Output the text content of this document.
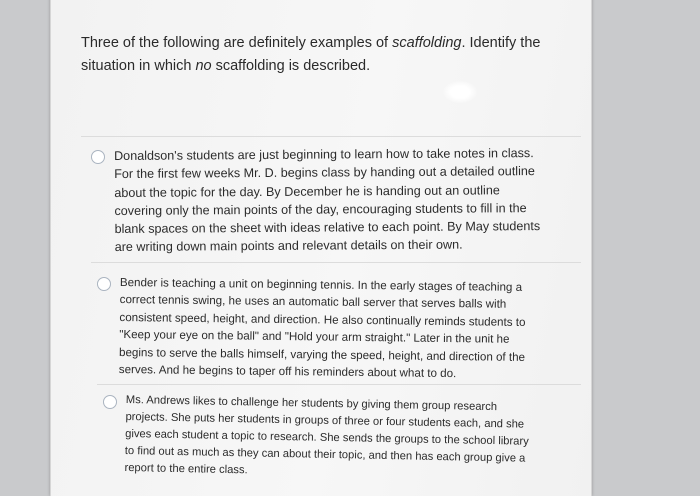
Three of the following are definitely examples of scaffolding. Identify the situation in which no scaffolding is described.
Donaldson's students are just beginning to learn how to take notes in class. For the first few weeks Mr. D. begins class by handing out a detailed outline about the topic for the day. By December he is handing out an outline covering only the main points of the day, encouraging students to fill in the blank spaces on the sheet with ideas relative to each point. By May students are writing down main points and relevant details on their own.
Bender is teaching a unit on beginning tennis. In the early stages of teaching a correct tennis swing, he uses an automatic ball server that serves balls with consistent speed, height, and direction. He also continually reminds students to "Keep your eye on the ball" and "Hold your arm straight." Later in the unit he begins to serve the balls himself, varying the speed, height, and direction of the serves. And he begins to taper off his reminders about what to do.
Ms. Andrews likes to challenge her students by giving them group research projects. She puts her students in groups of three or four students each, and she gives each student a topic to research. She sends the groups to the school library to find out as much as they can about their topic, and then has each group give a report to the entire class.
